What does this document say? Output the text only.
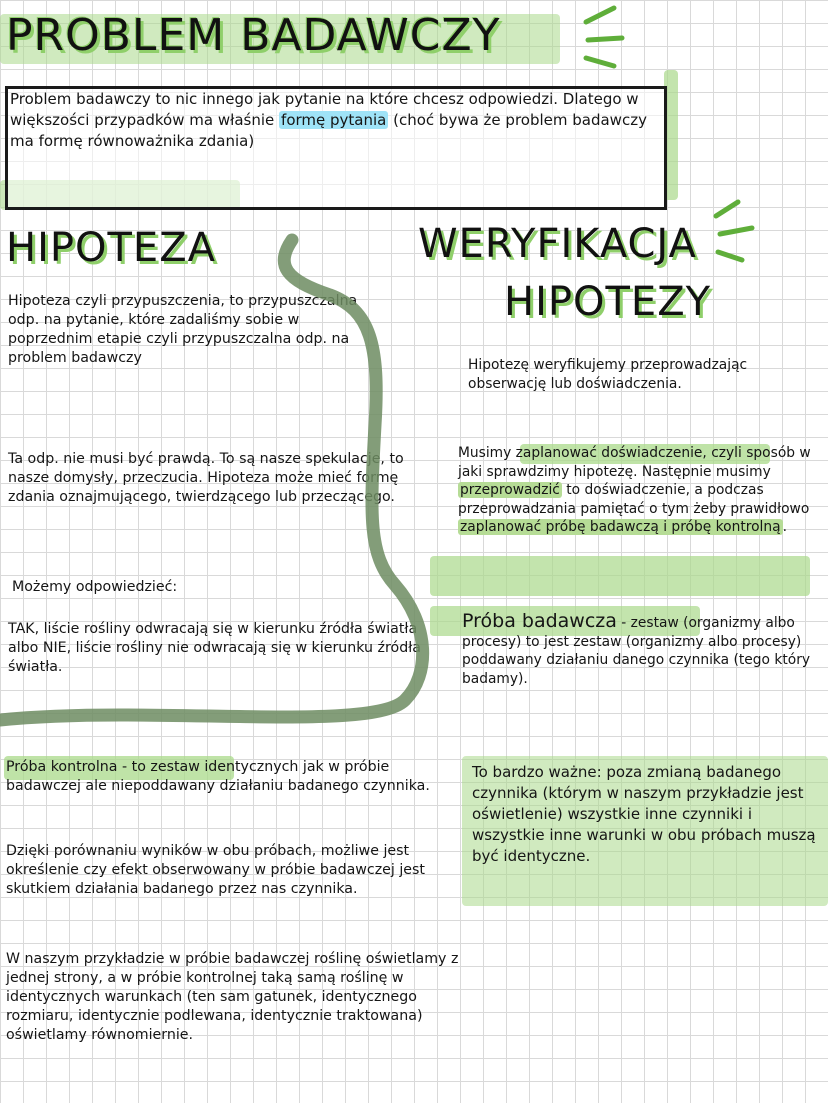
PROBLEM BADAWCZY
Problem badawczy to nic innego jak pytanie na które chcesz odpowiedzi. Dlatego w większości przypadków ma właśnie formę pytania (choć bywa że problem badawczy ma formę równoważnika zdania)
HIPOTEZA
Hipoteza czyli przypuszczenia, to przypuszczalna odp. na pytanie, które zadaliśmy sobie w poprzednim etapie czyli przypuszczalna odp. na problem badawczy
Ta odp. nie musi być prawdą. To są nasze spekulacje, to nasze domysły, przeczucia. Hipoteza może mieć formę zdania oznajmującego, twierdzącego lub przeczącego.
Możemy odpowiedzieć:
TAK, liście rośliny odwracają się w kierunku źródła światła albo NIE, liście rośliny nie odwracają się w kierunku źródła światła.
WERYFIKACJA
HIPOTEZY
Hipotezę weryfikujemy przeprowadzając obserwację lub doświadczenia.
Musimy zaplanować doświadczenie, czyli sposób w jaki sprawdzimy hipotezę. Następnie musimy przeprowadzić to doświadczenie, a podczas przeprowadzania pamiętać o tym żeby prawidłowo zaplanować próbę badawczą i próbę kontrolną .
Próba badawcza - zestaw (organizmy albo procesy) to jest zestaw (organizmy albo procesy) poddawany działaniu danego czynnika (tego który badamy).
Próba kontrolna - to zestaw identycznych jak w próbie badawczej ale niepoddawany działaniu badanego czynnika.
Dzięki porównaniu wyników w obu próbach, możliwe jest określenie czy efekt obserwowany w próbie badawczej jest skutkiem działania badanego przez nas czynnika.
W naszym przykładzie w próbie badawczej roślinę oświetlamy z jednej strony, a w próbie kontrolnej taką samą roślinę w identycznych warunkach (ten sam gatunek, identycznego rozmiaru, identycznie podlewana, identycznie traktowana) oświetlamy równomiernie.
To bardzo ważne: poza zmianą badanego czynnika (którym w naszym przykładzie jest oświetlenie) wszystkie inne czynniki i wszystkie inne warunki w obu próbach muszą być identyczne.
